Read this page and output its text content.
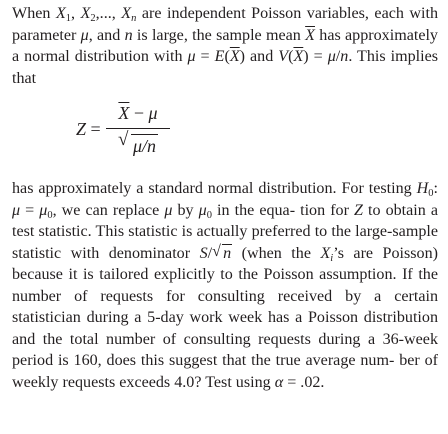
When $X_1$, $X_2$,..., $X_n$ are independent Poisson variables, each with parameter μ, and n is large, the sample mean $\overline{X}$ has approximately a normal distribution with $\mu = E(\overline{X})$ and $V(\overline{X}) = \mu/n$. This implies that

Z =
$\overline{X} - \mu$
√ μ/n

has approximately a standard normal distribution. For testing $H_0$: $\mu = \mu_0$, we can replace μ by $\mu_0$ in the equa- tion for Z to obtain a test statistic. This statistic is actually preferred to the large-sample statistic with denominator S/ √ n (when the $X_i’s$ are Poisson) because it is tailored explicitly to the Poisson assumption. If the number of requests for consulting received by a certain statistician during a 5-day work week has a Poisson distribution and the total number of consulting requests during a 36-week period is 160, does this suggest that the true average num- ber of weekly requests exceeds 4.0? Test using α = .02.
